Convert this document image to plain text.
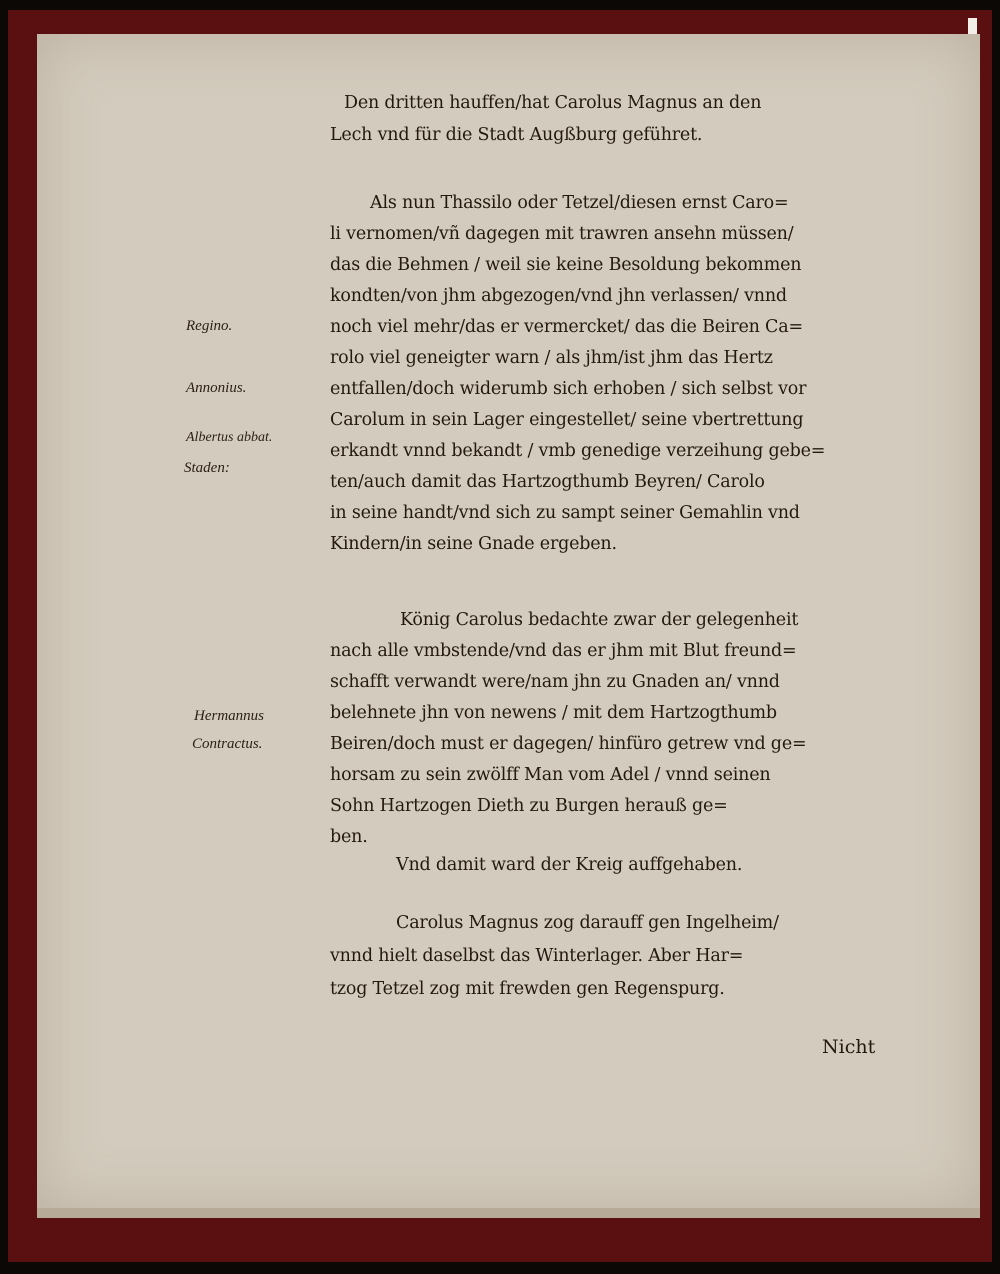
Den dritten hauffen/hat Carolus Magnus an den
Lech vnd für die Stadt Augßburg geführet.
Als nun Thassilo oder Tetzel/diesen ernst Caro=
li vernomen/vñ dagegen mit trawren ansehn müssen/
das die Behmen / weil sie keine Besoldung bekommen
kondten/von jhm abgezogen/vnd jhn verlassen/ vnnd
noch viel mehr/das er vermercket/ das die Beiren Ca=
rolo viel geneigter warn / als jhm/ist jhm das Hertz
entfallen/doch widerumb sich erhoben / sich selbst vor
Carolum in sein Lager eingestellet/ seine vbertrettung
erkandt vnnd bekandt / vmb genedige verzeihung gebe=
ten/auch damit das Hartzogthumb Beyren/ Carolo
in seine handt/vnd sich zu sampt seiner Gemahlin vnd
Kindern/in seine Gnade ergeben.
König Carolus bedachte zwar der gelegenheit
nach alle vmbstende/vnd das er jhm mit Blut freund=
schafft verwandt were/nam jhn zu Gnaden an/ vnnd
belehnete jhn von newens / mit dem Hartzogthumb
Beiren/doch must er dagegen/ hinfüro getrew vnd ge=
horsam zu sein zwölff Man vom Adel / vnnd seinen
Sohn Hartzogen Dieth zu Burgen herauß ge=
ben.
Vnd damit ward der Kreig auffgehaben.
Carolus Magnus zog darauff gen Ingelheim/
vnnd hielt daselbst das Winterlager. Aber Har=
tzog Tetzel zog mit frewden gen Regenspurg.
Regino.
Annonius.
Albertus abbat.
Staden:
Hermannus
Contractus.
Nicht
